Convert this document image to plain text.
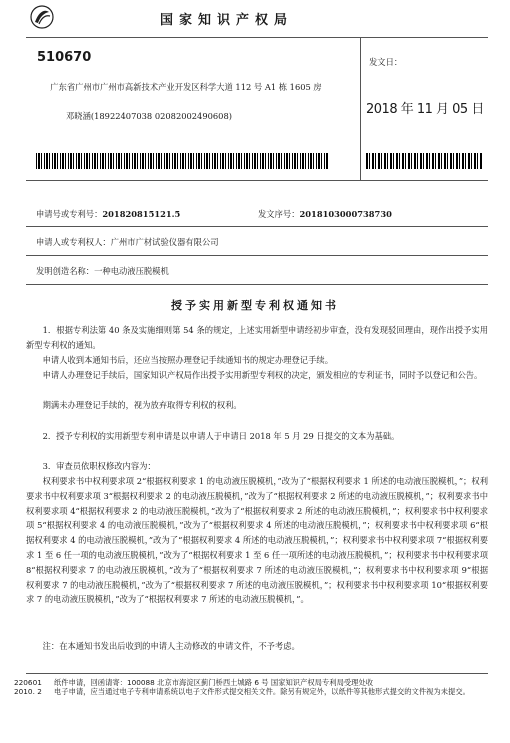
国家知识产权局
510670
广东省广州市广州市高新技术产业开发区科学大道 112 号 A1 栋 1605 房
邓晓涵(18922407038 02082002490608)
发文日：
2018 年 11 月 05 日
申请号或专利号：201820815121.5	发文序号：2018103000738730
申请人或专利权人：广州市广材试验仪器有限公司
发明创造名称：一种电动液压脱模机
授予实用新型专利权通知书
1．根据专利法第 40 条及实施细则第 54 条的规定，上述实用新型申请经初步审查，没有发现驳回理由，现作出授予实用新型专利权的通知。
申请人收到本通知书后，还应当按照办理登记手续通知书的规定办理登记手续。
申请人办理登记手续后，国家知识产权局作出授予实用新型专利权的决定，颁发相应的专利证书，同时予以登记和公告。
期满未办理登记手续的，视为放弃取得专利权的权利。
2．授予专利权的实用新型专利申请是以申请人于申请日 2018 年 5 月 29 日提交的文本为基础。
3．审查员依职权修改内容为：
权利要求书中权利要求项 2“根据权利要求 1 的电动液压脱模机，”改为了“根据权利要求 1 所述的电动液压脱模机，”；权利要求书中权利要求项 3“根据权利要求 2 的电动液压脱模机，”改为了“根据权利要求 2 所述的电动液压脱模机，”；权利要求书中权利要求项 4“根据权利要求 2 的电动液压脱模机，”改为了“根据权利要求 2 所述的电动液压脱模机，”；权利要求书中权利要求项 5“根据权利要求 4 的电动液压脱模机，”改为了“根据权利要求 4 所述的电动液压脱模机，”；权利要求书中权利要求项 6“根据权利要求 4 的电动液压脱模机，”改为了“根据权利要求 4 所述的电动液压脱模机，”；权利要求书中权利要求项 7“根据权利要求 1 至 6 任一项的电动液压脱模机，”改为了“根据权利要求 1 至 6 任一项所述的电动液压脱模机，”；权利要求书中权利要求项 8“根据权利要求 7 的电动液压脱模机，”改为了“根据权利要求 7 所述的电动液压脱模机，”；权利要求书中权利要求项 9“根据权利要求 7 的电动液压脱模机，”改为了“根据权利要求 7 所述的电动液压脱模机，”；权利要求书中权利要求项 10“根据权利要求 7 的电动液压脱模机，”改为了“根据权利要求 7 所述的电动液压脱模机，”。
注：在本通知书发出后收到的申请人主动修改的申请文件，不予考虑。
220601	纸件申请，回函请寄：100088 北京市海淀区蓟门桥西土城路 6 号 国家知识产权局专利局受理处收
2010. 2	电子申请，应当通过电子专利申请系统以电子文件形式提交相关文件。除另有规定外，以纸件等其他形式提交的文件视为未提交。
